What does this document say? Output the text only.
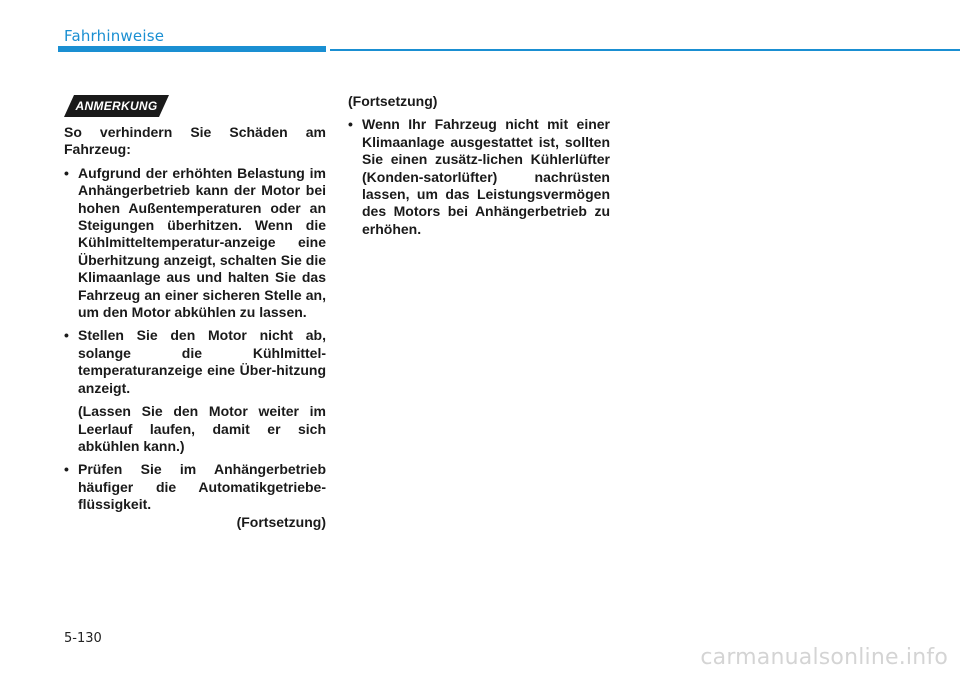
Fahrhinweise
ANMERKUNG

So verhindern Sie Schäden am Fahrzeug:

• Aufgrund der erhöhten Belastung im Anhängerbetrieb kann der Motor bei hohen Außentemperaturen oder an Steigungen überhitzen. Wenn die Kühlmitteltemperatur-anzeige eine Überhitzung anzeigt, schalten Sie die Klimaanlage aus und halten Sie das Fahrzeug an einer sicheren Stelle an, um den Motor abkühlen zu lassen.
• Stellen Sie den Motor nicht ab, solange die Kühlmittel-temperaturanzeige eine Über-hitzung anzeigt.
(Lassen Sie den Motor weiter im Leerlauf laufen, damit er sich abkühlen kann.)
• Prüfen Sie im Anhängerbetrieb häufiger die Automatikgetriebe-flüssigkeit.

(Fortsetzung)

(Fortsetzung)

• Wenn Ihr Fahrzeug nicht mit einer Klimaanlage ausgestattet ist, sollten Sie einen zusätz-lichen Kühlerlüfter (Konden-satorlüfter) nachrüsten lassen, um das Leistungsvermögen des Motors bei Anhängerbetrieb zu erhöhen.
5-130
carmanualsonline.info
